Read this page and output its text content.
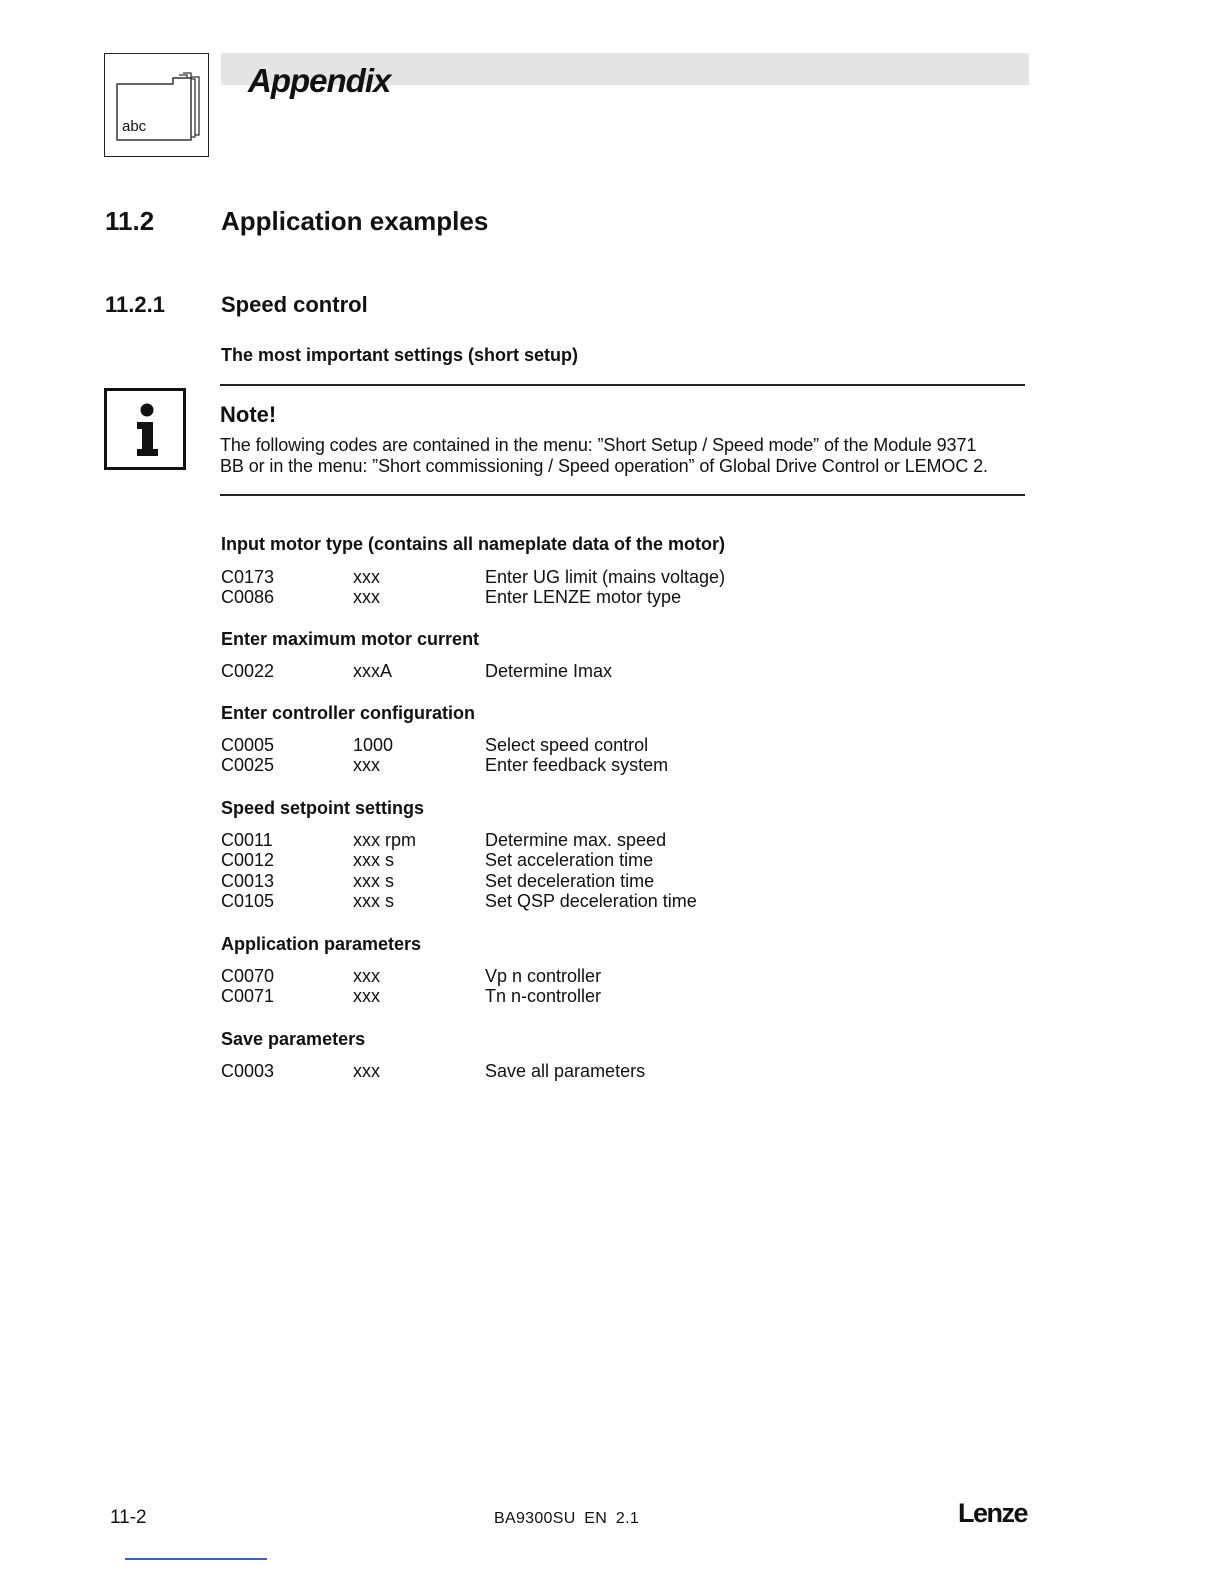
abc
Appendix
11.2	Application examples
11.2.1	Speed control
The most important settings (short setup)
Note!
The following codes are contained in the menu: ”Short Setup / Speed mode” of the Module 9371
BB or in the menu: ”Short commissioning / Speed operation” of Global Drive Control or LEMOC 2.
Input motor type (contains all nameplate data of the motor)
C0173	xxx	Enter UG limit (mains voltage)
C0086	xxx	Enter LENZE motor type
Enter maximum motor current
C0022	xxxA	Determine Imax
Enter controller configuration
C0005	1000	Select speed control
C0025	xxx	Enter feedback system
Speed setpoint settings
C0011	xxx rpm	Determine max. speed
C0012	xxx s	Set acceleration time
C0013	xxx s	Set deceleration time
C0105	xxx s	Set QSP deceleration time
Application parameters
C0070	xxx	Vp n controller
C0071	xxx	Tn n-controller
Save parameters
C0003	xxx	Save all parameters
11-2	BA9300SU EN 2.1	Lenze
